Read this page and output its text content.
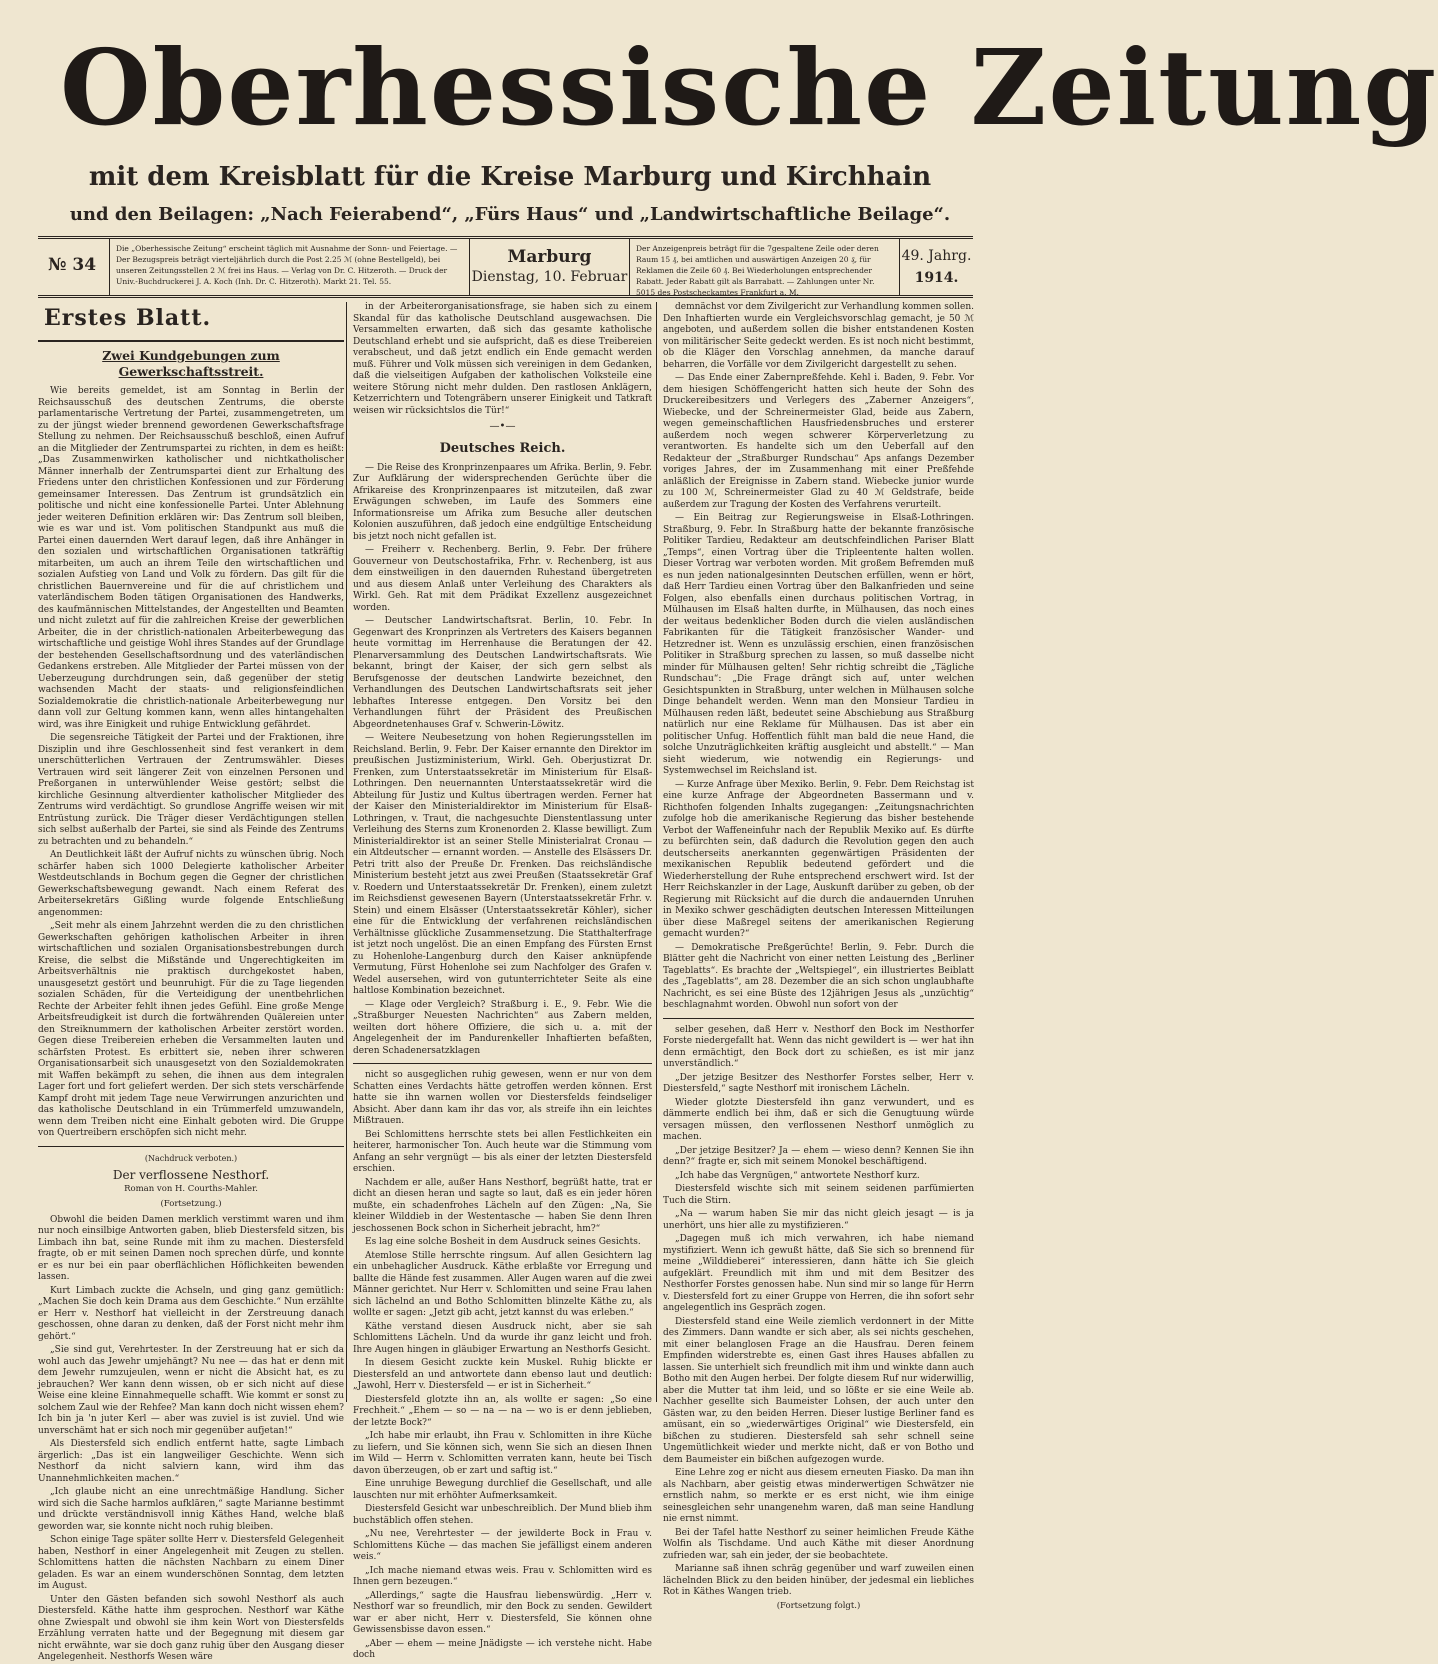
Oberhessische Zeitung
mit dem Kreisblatt für die Kreise Marburg und Kirchhain
und den Beilagen: „Nach Feierabend“, „Fürs Haus“ und „Landwirtschaftliche Beilage“.
№ 34
Die „Oberhessische Zeitung“ erscheint täglich mit Ausnahme der Sonn- und Feiertage. — Der Bezugspreis beträgt vierteljährlich durch die Post 2.25 ℳ (ohne Bestellgeld), bei unseren Zeitungsstellen 2 ℳ frei ins Haus. — Verlag von Dr. C. Hitzeroth. — Druck der Univ.-Buchdruckerei J. A. Koch (Inh. Dr. C. Hitzeroth). Markt 21. Tel. 55.
Marburg
Dienstag, 10. Februar
Der Anzeigenpreis beträgt für die 7gespaltene Zeile oder deren Raum 15 ₰, bei amtlichen und auswärtigen Anzeigen 20 ₰, für Reklamen die Zeile 60 ₰. Bei Wiederholungen entsprechender Rabatt. Jeder Rabatt gilt als Barrabatt. — Zahlungen unter Nr. 5015 des Postscheckamtes Frankfurt a. M.
49. Jahrg.
1914.
Erstes Blatt.
Zwei Kundgebungen zum Gewerkschaftsstreit.

Wie bereits gemeldet, ist am Sonntag in Berlin der Reichsausschuß des deutschen Zentrums, die oberste parlamentarische Vertretung der Partei, zusammengetreten, um zu der jüngst wieder brennend gewordenen Gewerkschaftsfrage Stellung zu nehmen. Der Reichsausschuß beschloß, einen Aufruf an die Mitglieder der Zentrumspartei zu richten, in dem es heißt: „Das Zusammenwirken katholischer und nichtkatholischer Männer innerhalb der Zentrumspartei dient zur Erhaltung des Friedens unter den christlichen Konfessionen und zur Förderung gemeinsamer Interessen. Das Zentrum ist grundsätzlich ein politische und nicht eine konfessionelle Partei. Unter Ablehnung jeder weiteren Definition erklären wir: Das Zentrum soll bleiben, wie es war und ist. Vom politischen Standpunkt aus muß die Partei einen dauernden Wert darauf legen, daß ihre Anhänger in den sozialen und wirtschaftlichen Organisationen tatkräftig mitarbeiten, um auch an ihrem Teile den wirtschaftlichen und sozialen Aufstieg von Land und Volk zu fördern. Das gilt für die christlichen Bauernvereine und für die auf christlichem und vaterländischem Boden tätigen Organisationen des Handwerks, des kaufmännischen Mittelstandes, der Angestellten und Beamten und nicht zuletzt auf für die zahlreichen Kreise der gewerblichen Arbeiter, die in der christlich-nationalen Arbeiterbewegung das wirtschaftliche und geistige Wohl ihres Standes auf der Grundlage der bestehenden Gesellschaftsordnung und des vaterländischen Gedankens erstreben. Alle Mitglieder der Partei müssen von der Ueberzeugung durchdrungen sein, daß gegenüber der stetig wachsenden Macht der staats- und religionsfeindlichen Sozialdemokratie die christlich-nationale Arbeiterbewegung nur dann voll zur Geltung kommen kann, wenn alles hintangehalten wird, was ihre Einigkeit und ruhige Entwicklung gefährdet.

Die segensreiche Tätigkeit der Partei und der Fraktionen, ihre Disziplin und ihre Geschlossenheit sind fest verankert in dem unerschütterlichen Vertrauen der Zentrumswähler. Dieses Vertrauen wird seit längerer Zeit von einzelnen Personen und Preßorganen in unterwühlender Weise gestört; selbst die kirchliche Gesinnung altverdienter katholischer Mitglieder des Zentrums wird verdächtigt. So grundlose Angriffe weisen wir mit Entrüstung zurück. Die Träger dieser Verdächtigungen stellen sich selbst außerhalb der Partei, sie sind als Feinde des Zentrums zu betrachten und zu behandeln.“

An Deutlichkeit läßt der Aufruf nichts zu wünschen übrig. Noch schärfer haben sich 1000 Delegierte katholischer Arbeiter Westdeutschlands in Bochum gegen die Gegner der christlichen Gewerkschaftsbewegung gewandt. Nach einem Referat des Arbeitersekretärs Gißling wurde folgende Entschließung angenommen:

„Seit mehr als einem Jahrzehnt werden die zu den christlichen Gewerkschaften gehörigen katholischen Arbeiter in ihren wirtschaftlichen und sozialen Organisationsbestrebungen durch Kreise, die selbst die Mißstände und Ungerechtigkeiten im Arbeitsverhältnis nie praktisch durchgekostet haben, unausgesetzt gestört und beunruhigt. Für die zu Tage liegenden sozialen Schäden, für die Verteidigung der unentbehrlichen Rechte der Arbeiter fehlt ihnen jedes Gefühl. Eine große Menge Arbeitsfreudigkeit ist durch die fortwährenden Quälereien unter den Streiknummern der katholischen Arbeiter zerstört worden. Gegen diese Treibereien erheben die Versammelten lauten und schärfsten Protest. Es erbittert sie, neben ihrer schweren Organisationsarbeit sich unausgesetzt von den Sozialdemokraten mit Waffen bekämpft zu sehen, die ihnen aus dem integralen Lager fort und fort geliefert werden. Der sich stets verschärfende Kampf droht mit jedem Tage neue Verwirrungen anzurichten und das katholische Deutschland in ein Trümmerfeld umzuwandeln, wenn dem Treiben nicht eine Einhalt geboten wird. Die Gruppe von Quertreibern erschöpfen sich nicht mehr.

(Nachdruck verboten.)
Der verflossene Nesthorf.
Roman von H. Courths-Mahler.
(Fortsetzung.)

Obwohl die beiden Damen merklich verstimmt waren und ihm nur noch einsilbige Antworten gaben, blieb Diestersfeld sitzen, bis Limbach ihn bat, seine Runde mit ihm zu machen. Diestersfeld fragte, ob er mit seinen Damen noch sprechen dürfe, und konnte er es nur bei ein paar oberflächlichen Höflichkeiten bewenden lassen.

Kurt Limbach zuckte die Achseln, und ging ganz gemütlich: „Machen Sie doch kein Drama aus dem Geschichte.“ Nun erzählte er Herr v. Nesthorf hat vielleicht in der Zerstreuung danach geschossen, ohne daran zu denken, daß der Forst nicht mehr ihm gehört.“

„Sie sind gut, Verehrtester. In der Zerstreuung hat er sich da wohl auch das Jewehr umjehängt? Nu nee — das hat er denn mit dem Jewehr rumzujeulen, wenn er nicht die Absicht hat, es zu jebrauchen? Wer kann denn wissen, ob er sich nicht auf diese Weise eine kleine Einnahmequelle schafft. Wie kommt er sonst zu solchem Zaul wie der Rehfee? Man kann doch nicht wissen ehem? Ich bin ja 'n juter Kerl — aber was zuviel is ist zuviel. Und wie unverschämt hat er sich noch mir gegenüber aufjetan!“

Als Diestersfeld sich endlich entfernt hatte, sagte Limbach ärgerlich: „Das ist ein langweiliger Geschichte. Wenn sich Nesthorf da nicht salviern kann, wird ihm das Unannehmlichkeiten machen.“

„Ich glaube nicht an eine unrechtmäßige Handlung. Sicher wird sich die Sache harmlos aufklären,“ sagte Marianne bestimmt und drückte verständnisvoll innig Käthes Hand, welche blaß geworden war, sie konnte nicht noch ruhig bleiben.

Schon einige Tage später sollte Herr v. Diestersfeld Gelegenheit haben, Nesthorf in einer Angelegenheit mit Zeugen zu stellen. Schlomittens hatten die nächsten Nachbarn zu einem Diner geladen. Es war an einem wunderschönen Sonntag, dem letzten im August.

Unter den Gästen befanden sich sowohl Nesthorf als auch Diestersfeld. Käthe hatte ihm gesprochen. Nesthorf war Käthe ohne Zwiespalt und obwohl sie ihm kein Wort von Diestersfelds Erzählung verraten hatte und der Begegnung mit diesem gar nicht erwähnte, war sie doch ganz ruhig über den Ausgang dieser Angelegenheit. Nesthorfs Wesen wäre

in der Arbeiterorganisationsfrage, sie haben sich zu einem Skandal für das katholische Deutschland ausgewachsen. Die Versammelten erwarten, daß sich das gesamte katholische Deutschland erhebt und sie aufspricht, daß es diese Treibereien verabscheut, und daß jetzt endlich ein Ende gemacht werden muß. Führer und Volk müssen sich vereinigen in dem Gedanken, daß die vielseitigen Aufgaben der katholischen Volksteile eine weitere Störung nicht mehr dulden. Den rastlosen Anklägern, Ketzerrichtern und Totengräbern unserer Einigkeit und Tatkraft weisen wir rücksichtslos die Tür!“

—•—
Deutsches Reich.

— Die Reise des Kronprinzenpaares um Afrika. Berlin, 9. Febr. Zur Aufklärung der widersprechenden Gerüchte über die Afrikareise des Kronprinzenpaares ist mitzuteilen, daß zwar Erwägungen schweben, im Laufe des Sommers eine Informationsreise um Afrika zum Besuche aller deutschen Kolonien auszuführen, daß jedoch eine endgültige Entscheidung bis jetzt noch nicht gefallen ist.

— Freiherr v. Rechenberg. Berlin, 9. Febr. Der frühere Gouverneur von Deutschostafrika, Frhr. v. Rechenberg, ist aus dem einstweiligen in den dauernden Ruhestand übergetreten und aus diesem Anlaß unter Verleihung des Charakters als Wirkl. Geh. Rat mit dem Prädikat Exzellenz ausgezeichnet worden.

— Deutscher Landwirtschaftsrat. Berlin, 10. Febr. In Gegenwart des Kronprinzen als Vertreters des Kaisers begannen heute vormittag im Herrenhause die Beratungen der 42. Plenarversammlung des Deutschen Landwirtschaftsrats. Wie bekannt, bringt der Kaiser, der sich gern selbst als Berufsgenosse der deutschen Landwirte bezeichnet, den Verhandlungen des Deutschen Landwirtschaftsrats seit jeher lebhaftes Interesse entgegen. Den Vorsitz bei den Verhandlungen führt der Präsident des Preußischen Abgeordnetenhauses Graf v. Schwerin-Löwitz.

— Weitere Neubesetzung von hohen Regierungsstellen im Reichsland. Berlin, 9. Febr. Der Kaiser ernannte den Direktor im preußischen Justizministerium, Wirkl. Geh. Oberjustizrat Dr. Frenken, zum Unterstaatssekretär im Ministerium für Elsaß-Lothringen. Den neuernannten Unterstaatssekretär wird die Abteilung für Justiz und Kultus übertragen werden. Ferner hat der Kaiser den Ministerialdirektor im Ministerium für Elsaß-Lothringen, v. Traut, die nachgesuchte Dienstentlassung unter Verleihung des Sterns zum Kronenorden 2. Klasse bewilligt. Zum Ministerialdirektor ist an seiner Stelle Ministerialrat Cronau — ein Altdeutscher — ernannt worden. — Anstelle des Elsässers Dr. Petri tritt also der Preuße Dr. Frenken. Das reichsländische Ministerium besteht jetzt aus zwei Preußen (Staatssekretär Graf v. Roedern und Unterstaatssekretär Dr. Frenken), einem zuletzt im Reichsdienst gewesenen Bayern (Unterstaatssekretär Frhr. v. Stein) und einem Elsässer (Unterstaatssekretär Köhler), sicher eine für die Entwicklung der verfahrenen reichsländischen Verhältnisse glückliche Zusammensetzung. Die Statthalterfrage ist jetzt noch ungelöst. Die an einen Empfang des Fürsten Ernst zu Hohenlohe-Langenburg durch den Kaiser anknüpfende Vermutung, Fürst Hohenlohe sei zum Nachfolger des Grafen v. Wedel ausersehen, wird von gutunterrichteter Seite als eine haltlose Kombination bezeichnet.

— Klage oder Vergleich? Straßburg i. E., 9. Febr. Wie die „Straßburger Neuesten Nachrichten“ aus Zabern melden, weilten dort höhere Offiziere, die sich u. a. mit der Angelegenheit der im Pandurenkeller Inhaftierten befaßten, deren Schadenersatzklagen

nicht so ausgeglichen ruhig gewesen, wenn er nur von dem Schatten eines Verdachts hätte getroffen werden können. Erst hatte sie ihn warnen wollen vor Diestersfelds feindseliger Absicht. Aber dann kam ihr das vor, als streife ihn ein leichtes Mißtrauen.

Bei Schlomittens herrschte stets bei allen Festlichkeiten ein heiterer, harmonischer Ton. Auch heute war die Stimmung vom Anfang an sehr vergnügt — bis als einer der letzten Diestersfeld erschien.

Nachdem er alle, außer Hans Nesthorf, begrüßt hatte, trat er dicht an diesen heran und sagte so laut, daß es ein jeder hören mußte, ein schadenfrohes Lächeln auf den Zügen: „Na, Sie kleiner Wilddieb in der Westentasche — haben Sie denn Ihren jeschossenen Bock schon in Sicherheit jebracht, hm?“

Es lag eine solche Bosheit in dem Ausdruck seines Gesichts.

Atemlose Stille herrschte ringsum. Auf allen Gesichtern lag ein unbehaglicher Ausdruck. Käthe erblaßte vor Erregung und ballte die Hände fest zusammen. Aller Augen waren auf die zwei Männer gerichtet. Nur Herr v. Schlomitten und seine Frau lahen sich lächelnd an und Botho Schlomitten blinzelte Käthe zu, als wollte er sagen: „Jetzt gib acht, jetzt kannst du was erleben.“

Käthe verstand diesen Ausdruck nicht, aber sie sah Schlomittens Lächeln. Und da wurde ihr ganz leicht und froh. Ihre Augen hingen in gläubiger Erwartung an Nesthorfs Gesicht.

In diesem Gesicht zuckte kein Muskel. Ruhig blickte er Diestersfeld an und antwortete dann ebenso laut und deutlich: „Jawohl, Herr v. Diestersfeld — er ist in Sicherheit.“

Diestersfeld glotzte ihn an, als wollte er sagen: „So eine Frechheit.“ „Ehem — so — na — na — wo is er denn jeblieben, der letzte Bock?“

„Ich habe mir erlaubt, ihn Frau v. Schlomitten in ihre Küche zu liefern, und Sie können sich, wenn Sie sich an diesen Ihnen im Wild — Herrn v. Schlomitten verraten kann, heute bei Tisch davon überzeugen, ob er zart und saftig ist.“

Eine unruhige Bewegung durchlief die Gesellschaft, und alle lauschten nur mit erhöhter Aufmerksamkeit.

Diestersfeld Gesicht war unbeschreiblich. Der Mund blieb ihm buchstäblich offen stehen.

„Nu nee, Verehrtester — der jewilderte Bock in Frau v. Schlomittens Küche — das machen Sie jefälligst einem anderen weis.“

„Ich mache niemand etwas weis. Frau v. Schlomitten wird es Ihnen gern bezeugen.“

„Allerdings,“ sagte die Hausfrau liebenswürdig. „Herr v. Nesthorf war so freundlich, mir den Bock zu senden. Gewildert war er aber nicht, Herr v. Diestersfeld, Sie können ohne Gewissensbisse davon essen.“

„Aber — ehem — meine Jnädigste — ich verstehe nicht. Habe doch

demnächst vor dem Zivilgericht zur Verhandlung kommen sollen. Den Inhaftierten wurde ein Vergleichsvorschlag gemacht, je 50 ℳ angeboten, und außerdem sollen die bisher entstandenen Kosten von militärischer Seite gedeckt werden. Es ist noch nicht bestimmt, ob die Kläger den Vorschlag annehmen, da manche darauf beharren, die Vorfälle vor dem Zivilgericht dargestellt zu sehen.

— Das Ende einer Zabernpreßfehde. Kehl i. Baden, 9. Febr. Vor dem hiesigen Schöffengericht hatten sich heute der Sohn des Druckereibesitzers und Verlegers des „Zaberner Anzeigers“, Wiebecke, und der Schreinermeister Glad, beide aus Zabern, wegen gemeinschaftlichen Hausfriedensbruches und ersterer außerdem noch wegen schwerer Körperverletzung zu verantworten. Es handelte sich um den Ueberfall auf den Redakteur der „Straßburger Rundschau“ Aps anfangs Dezember voriges Jahres, der im Zusammenhang mit einer Preßfehde anläßlich der Ereignisse in Zabern stand. Wiebecke junior wurde zu 100 ℳ, Schreinermeister Glad zu 40 ℳ Geldstrafe, beide außerdem zur Tragung der Kosten des Verfahrens verurteilt.

— Ein Beitrag zur Regierungsweise in Elsaß-Lothringen. Straßburg, 9. Febr. In Straßburg hatte der bekannte französische Politiker Tardieu, Redakteur am deutschfeindlichen Pariser Blatt „Temps“, einen Vortrag über die Tripleentente halten wollen. Dieser Vortrag war verboten worden. Mit großem Befremden muß es nun jeden nationalgesinnten Deutschen erfüllen, wenn er hört, daß Herr Tardieu einen Vortrag über den Balkanfrieden und seine Folgen, also ebenfalls einen durchaus politischen Vortrag, in Mülhausen im Elsaß halten durfte, in Mülhausen, das noch eines der weitaus bedenklicher Boden durch die vielen ausländischen Fabrikanten für die Tätigkeit französischer Wander- und Hetzredner ist. Wenn es unzulässig erschien, einen französischen Politiker in Straßburg sprechen zu lassen, so muß dasselbe nicht minder für Mülhausen gelten! Sehr richtig schreibt die „Tägliche Rundschau“: „Die Frage drängt sich auf, unter welchen Gesichtspunkten in Straßburg, unter welchen in Mülhausen solche Dinge behandelt werden. Wenn man den Monsieur Tardieu in Mülhausen reden läßt, bedeutet seine Abschiebung aus Straßburg natürlich nur eine Reklame für Mülhausen. Das ist aber ein politischer Unfug. Hoffentlich fühlt man bald die neue Hand, die solche Unzuträglichkeiten kräftig ausgleicht und abstellt.“ — Man sieht wiederum, wie notwendig ein Regierungs- und Systemwechsel im Reichsland ist.

— Kurze Anfrage über Mexiko. Berlin, 9. Febr. Dem Reichstag ist eine kurze Anfrage der Abgeordneten Bassermann und v. Richthofen folgenden Inhalts zugegangen: „Zeitungsnachrichten zufolge hob die amerikanische Regierung das bisher bestehende Verbot der Waffeneinfuhr nach der Republik Mexiko auf. Es dürfte zu befürchten sein, daß dadurch die Revolution gegen den auch deutscherseits anerkannten gegenwärtigen Präsidenten der mexikanischen Republik bedeutend gefördert und die Wiederherstellung der Ruhe entsprechend erschwert wird. Ist der Herr Reichskanzler in der Lage, Auskunft darüber zu geben, ob der Regierung mit Rücksicht auf die durch die andauernden Unruhen in Mexiko schwer geschädigten deutschen Interessen Mitteilungen über diese Maßregel seitens der amerikanischen Regierung gemacht wurden?“

— Demokratische Preßgerüchte! Berlin, 9. Febr. Durch die Blätter geht die Nachricht von einer netten Leistung des „Berliner Tageblatts“. Es brachte der „Weltspiegel“, ein illustriertes Beiblatt des „Tageblatts“, am 28. Dezember die an sich schon unglaubhafte Nachricht, es sei eine Büste des 12jährigen Jesus als „unzüchtig“ beschlagnahmt worden. Obwohl nun sofort von der

selber gesehen, daß Herr v. Nesthorf den Bock im Nesthorfer Forste niedergefallt hat. Wenn das nicht gewildert is — wer hat ihn denn ermächtigt, den Bock dort zu schießen, es ist mir janz unverständlich.“

„Der jetzige Besitzer des Nesthorfer Forstes selber, Herr v. Diestersfeld,“ sagte Nesthorf mit ironischem Lächeln.

Wieder glotzte Diestersfeld ihn ganz verwundert, und es dämmerte endlich bei ihm, daß er sich die Genugtuung würde versagen müssen, den verflossenen Nesthorf unmöglich zu machen.

„Der jetzige Besitzer? Ja — ehem — wieso denn? Kennen Sie ihn denn?“ fragte er, sich mit seinem Monokel beschäftigend.

„Ich habe das Vergnügen,“ antwortete Nesthorf kurz.

Diestersfeld wischte sich mit seinem seidenen parfümierten Tuch die Stirn.

„Na — warum haben Sie mir das nicht gleich jesagt — is ja unerhört, uns hier alle zu mystifizieren.“

„Dagegen muß ich mich verwahren, ich habe niemand mystifiziert. Wenn ich gewußt hätte, daß Sie sich so brennend für meine „Wilddieberei“ interessieren, dann hätte ich Sie gleich aufgeklärt. Freundlich mit ihm und mit dem Besitzer des Nesthorfer Forstes genossen habe. Nun sind mir so lange für Herrn v. Diestersfeld fort zu einer Gruppe von Herren, die ihn sofort sehr angelegentlich ins Gespräch zogen.

Diestersfeld stand eine Weile ziemlich verdonnert in der Mitte des Zimmers. Dann wandte er sich aber, als sei nichts geschehen, mit einer belanglosen Frage an die Hausfrau. Deren feinem Empfinden widerstrebte es, einen Gast ihres Hauses abfallen zu lassen. Sie unterhielt sich freundlich mit ihm und winkte dann auch Botho mit den Augen herbei. Der folgte diesem Ruf nur widerwillig, aber die Mutter tat ihm leid, und so lößte er sie eine Weile ab. Nachher gesellte sich Baumeister Lohsen, der auch unter den Gästen war, zu den beiden Herren. Dieser lustige Berliner fand es amüsant, ein so „wiederwärtiges Original“ wie Diestersfeld, ein bißchen zu studieren. Diestersfeld sah sehr schnell seine Ungemütlichkeit wieder und merkte nicht, daß er von Botho und dem Baumeister ein bißchen aufgezogen wurde.

Eine Lehre zog er nicht aus diesem erneuten Fiasko. Da man ihn als Nachbarn, aber geistig etwas minderwertigen Schwätzer nie ernstlich nahm, so merkte er es erst nicht, wie ihm einige seinesgleichen sehr unangenehm waren, daß man seine Handlung nie ernst nimmt.

Bei der Tafel hatte Nesthorf zu seiner heimlichen Freude Käthe Wolfin als Tischdame. Und auch Käthe mit dieser Anordnung zufrieden war, sah ein jeder, der sie beobachtete.

Marianne saß ihnen schräg gegenüber und warf zuweilen einen lächelnden Blick zu den beiden hinüber, der jedesmal ein liebliches Rot in Käthes Wangen trieb.

(Fortsetzung folgt.)
